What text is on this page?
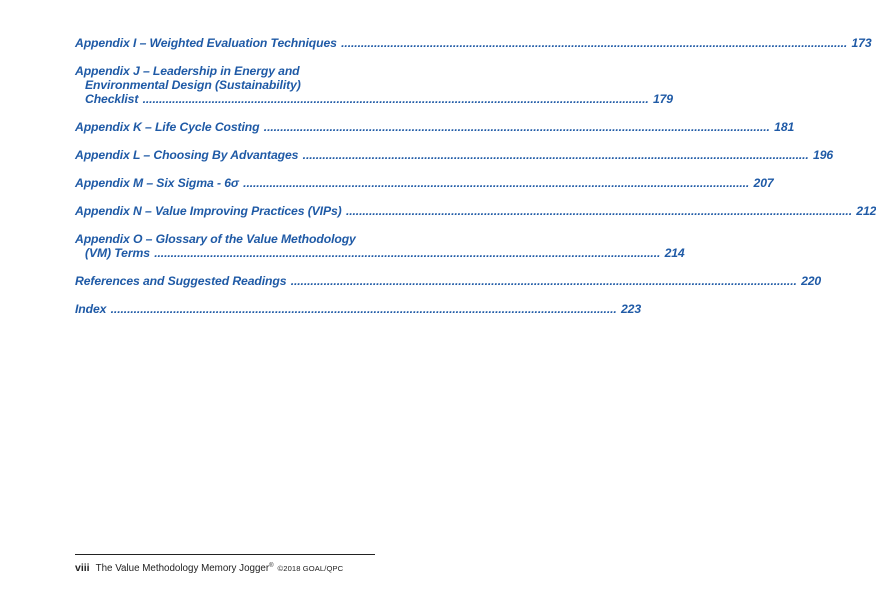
Appendix I – Weighted Evaluation Techniques .....	173
Appendix J – Leadership in Energy and
Environmental Design (Sustainability)
Checklist .....	179
Appendix K – Life Cycle Costing .....	181
Appendix L – Choosing By Advantages .....	196
Appendix M – Six Sigma - 6σ .....	207
Appendix N – Value Improving Practices (VIPs) .....	212
Appendix O – Glossary of the Value Methodology
(VM) Terms .....	214
References and Suggested Readings .....	220
Index .....	223
viii The Value Methodology Memory Jogger® ©2018 GOAL/QPC
